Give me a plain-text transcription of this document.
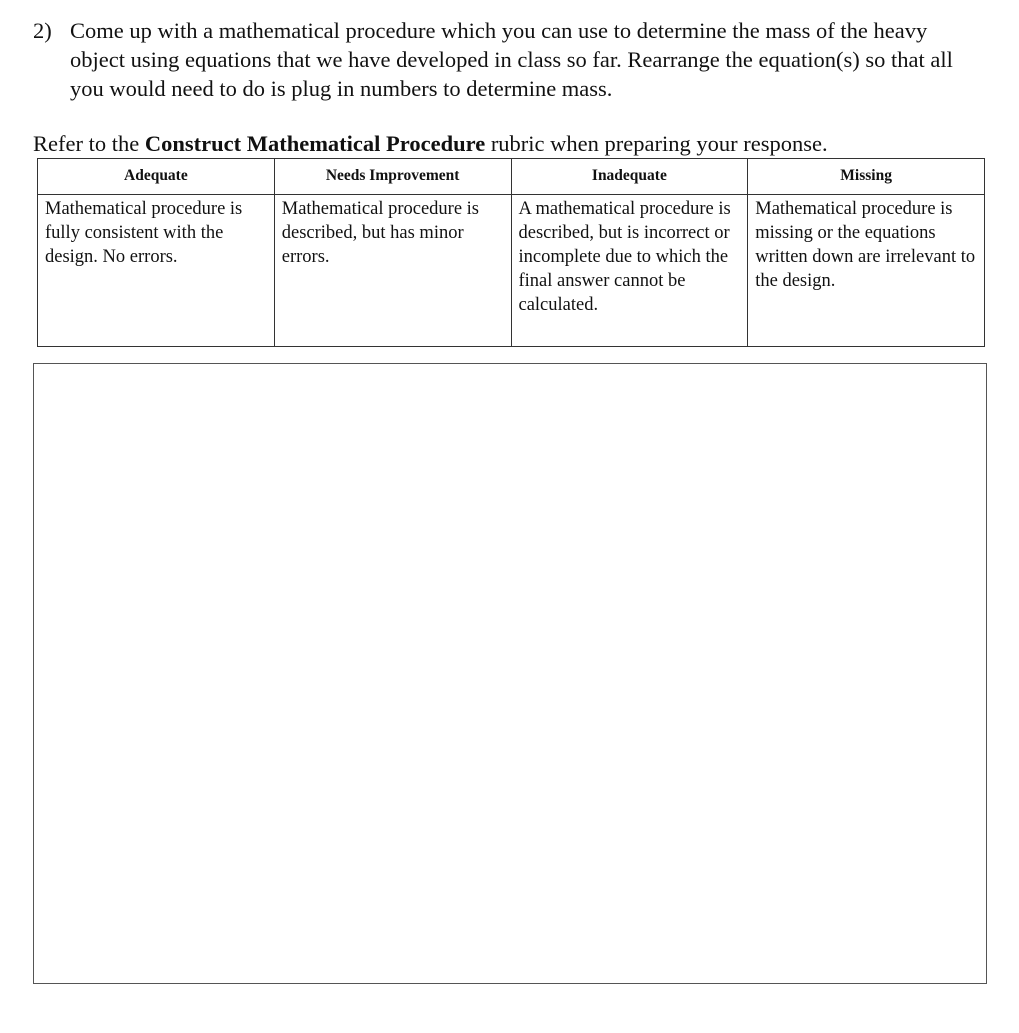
2) Come up with a mathematical procedure which you can use to determine the mass of the heavy object using equations that we have developed in class so far. Rearrange the equation(s) so that all you would need to do is plug in numbers to determine mass.
Refer to the Construct Mathematical Procedure rubric when preparing your response.
Adequate	Needs Improvement	Inadequate	Missing
Mathematical procedure is fully consistent with the design. No errors.	Mathematical procedure is described, but has minor errors.	A mathematical procedure is described, but is incorrect or incomplete due to which the final answer cannot be calculated.	Mathematical procedure is missing or the equations written down are irrelevant to the design.
